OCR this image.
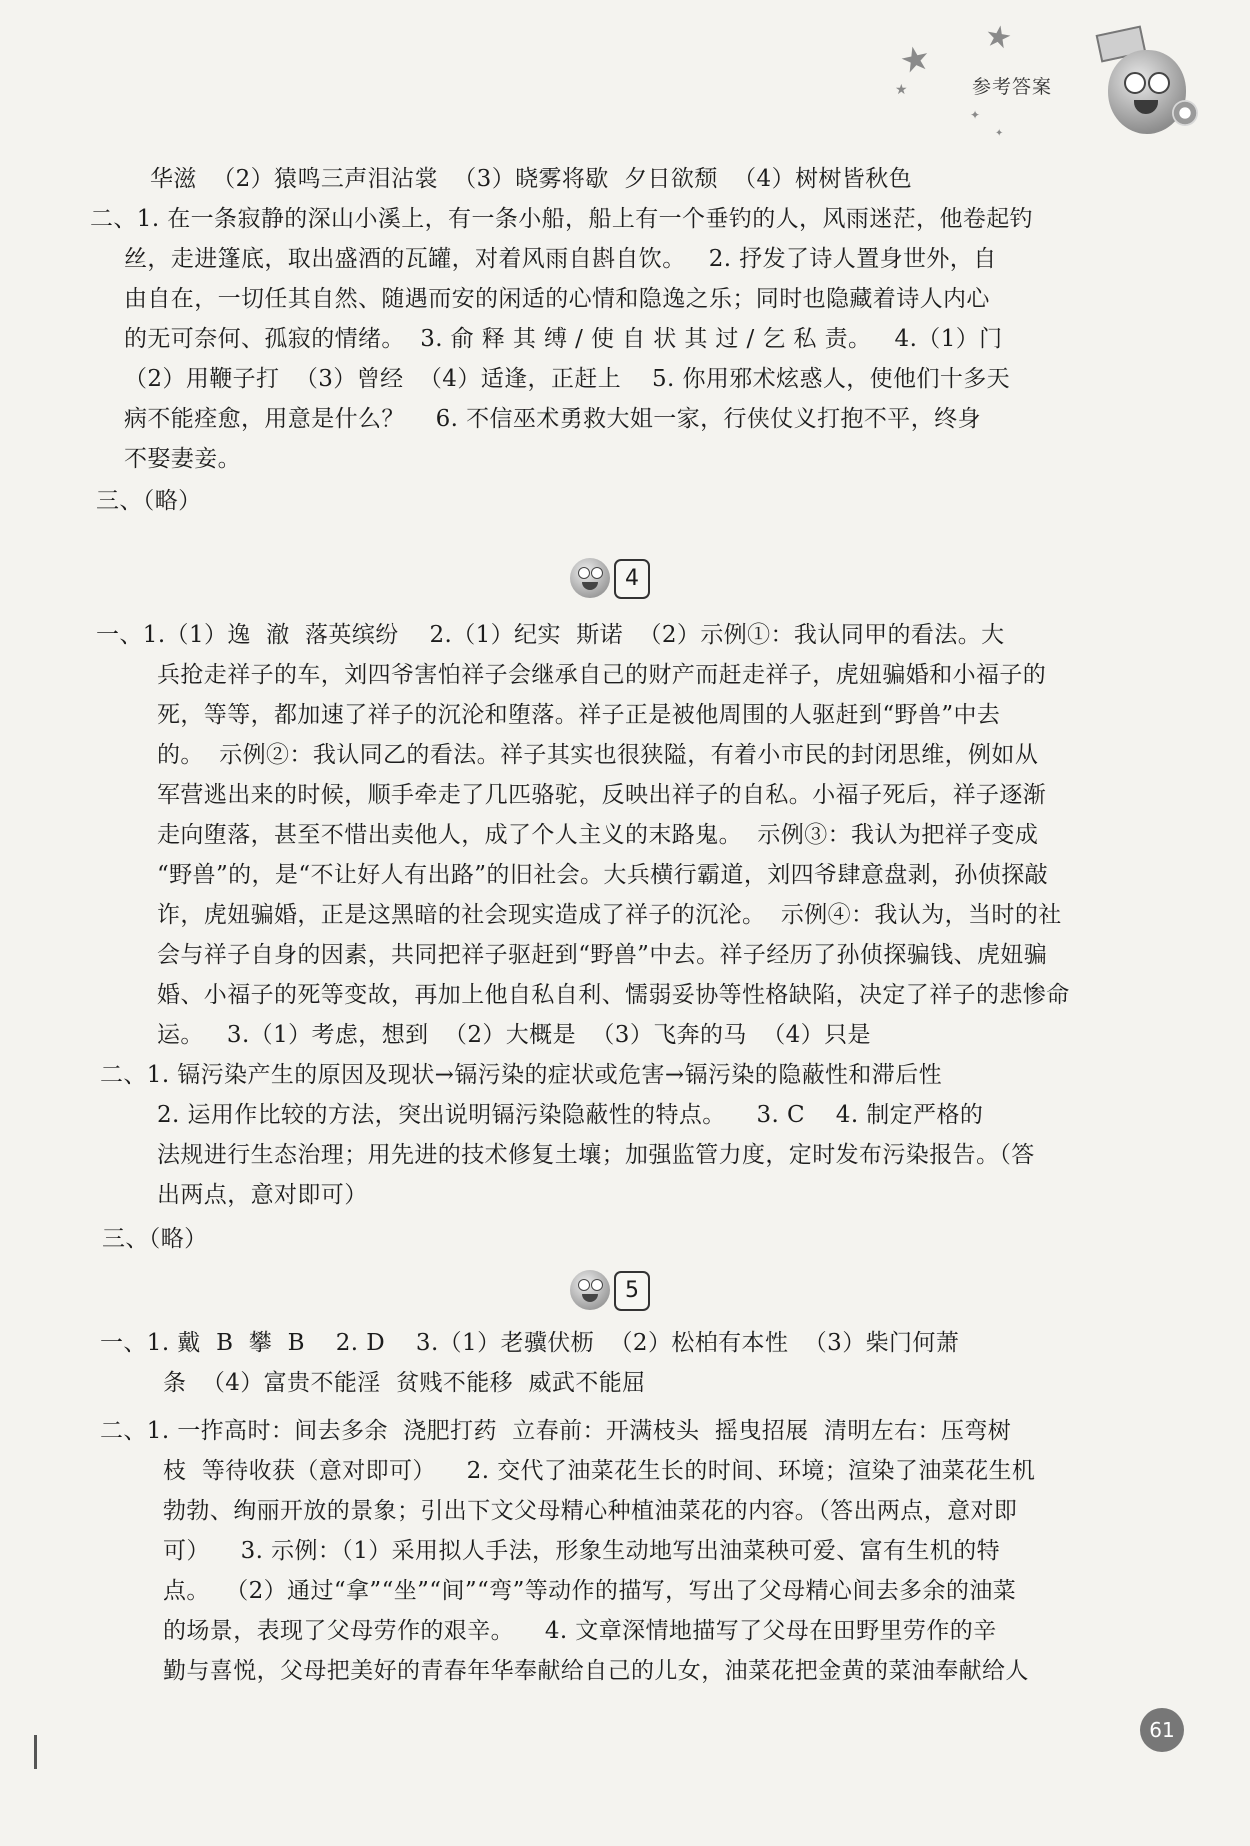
★ ★
★
✦
✦
参考答案
华滋  （2）猿鸣三声泪沾裳  （3）晓雾将歇  夕日欲颓  （4）树树皆秋色
二、1. 在一条寂静的深山小溪上，有一条小船，船上有一个垂钓的人，风雨迷茫，他卷起钓
丝，走进篷底，取出盛酒的瓦罐，对着风雨自斟自饮。   2. 抒发了诗人置身世外，自
由自在，一切任其自然、随遇而安的闲适的心情和隐逸之乐；同时也隐藏着诗人内心
的无可奈何、孤寂的情绪。  3. 俞 释 其 缚 / 使 自 状 其 过 / 乞 私 责。   4.（1）门
（2）用鞭子打  （3）曾经  （4）适逢，正赶上    5. 你用邪术炫惑人，使他们十多天
病不能痊愈，用意是什么？    6. 不信巫术勇救大姐一家，行侠仗义打抱不平，终身
不娶妻妾。
三、（略）
4
一、1.（1）逸  澈  落英缤纷    2.（1）纪实  斯诺  （2）示例①：我认同甲的看法。大
兵抢走祥子的车，刘四爷害怕祥子会继承自己的财产而赶走祥子，虎妞骗婚和小福子的
死，等等，都加速了祥子的沉沦和堕落。祥子正是被他周围的人驱赶到“野兽”中去
的。  示例②：我认同乙的看法。祥子其实也很狭隘，有着小市民的封闭思维，例如从
军营逃出来的时候，顺手牵走了几匹骆驼，反映出祥子的自私。小福子死后，祥子逐渐
走向堕落，甚至不惜出卖他人，成了个人主义的末路鬼。  示例③：我认为把祥子变成
“野兽”的，是“不让好人有出路”的旧社会。大兵横行霸道，刘四爷肆意盘剥，孙侦探敲
诈，虎妞骗婚，正是这黑暗的社会现实造成了祥子的沉沦。  示例④：我认为，当时的社
会与祥子自身的因素，共同把祥子驱赶到“野兽”中去。祥子经历了孙侦探骗钱、虎妞骗
婚、小福子的死等变故，再加上他自私自利、懦弱妥协等性格缺陷，决定了祥子的悲惨命
运。   3.（1）考虑，想到  （2）大概是  （3）飞奔的马  （4）只是
二、1. 镉污染产生的原因及现状→镉污染的症状或危害→镉污染的隐蔽性和滞后性
2. 运用作比较的方法，突出说明镉污染隐蔽性的特点。    3. C    4. 制定严格的
法规进行生态治理；用先进的技术修复土壤；加强监管力度，定时发布污染报告。（答
出两点，意对即可）
三、（略）
5
一、1. 戴  B  攀  B    2. D    3.（1）老骥伏枥  （2）松柏有本性  （3）柴门何萧
条  （4）富贵不能淫  贫贱不能移  威武不能屈
二、1. 一拃高时：间去多余  浇肥打药  立春前：开满枝头  摇曳招展  清明左右：压弯树
枝  等待收获（意对即可）    2. 交代了油菜花生长的时间、环境；渲染了油菜花生机
勃勃、绚丽开放的景象；引出下文父母精心种植油菜花的内容。（答出两点，意对即
可）    3. 示例：（1）采用拟人手法，形象生动地写出油菜秧可爱、富有生机的特
点。  （2）通过“拿”“坐”“间”“弯”等动作的描写，写出了父母精心间去多余的油菜
的场景，表现了父母劳作的艰辛。    4. 文章深情地描写了父母在田野里劳作的辛
勤与喜悦，父母把美好的青春年华奉献给自己的儿女，油菜花把金黄的菜油奉献给人
61
